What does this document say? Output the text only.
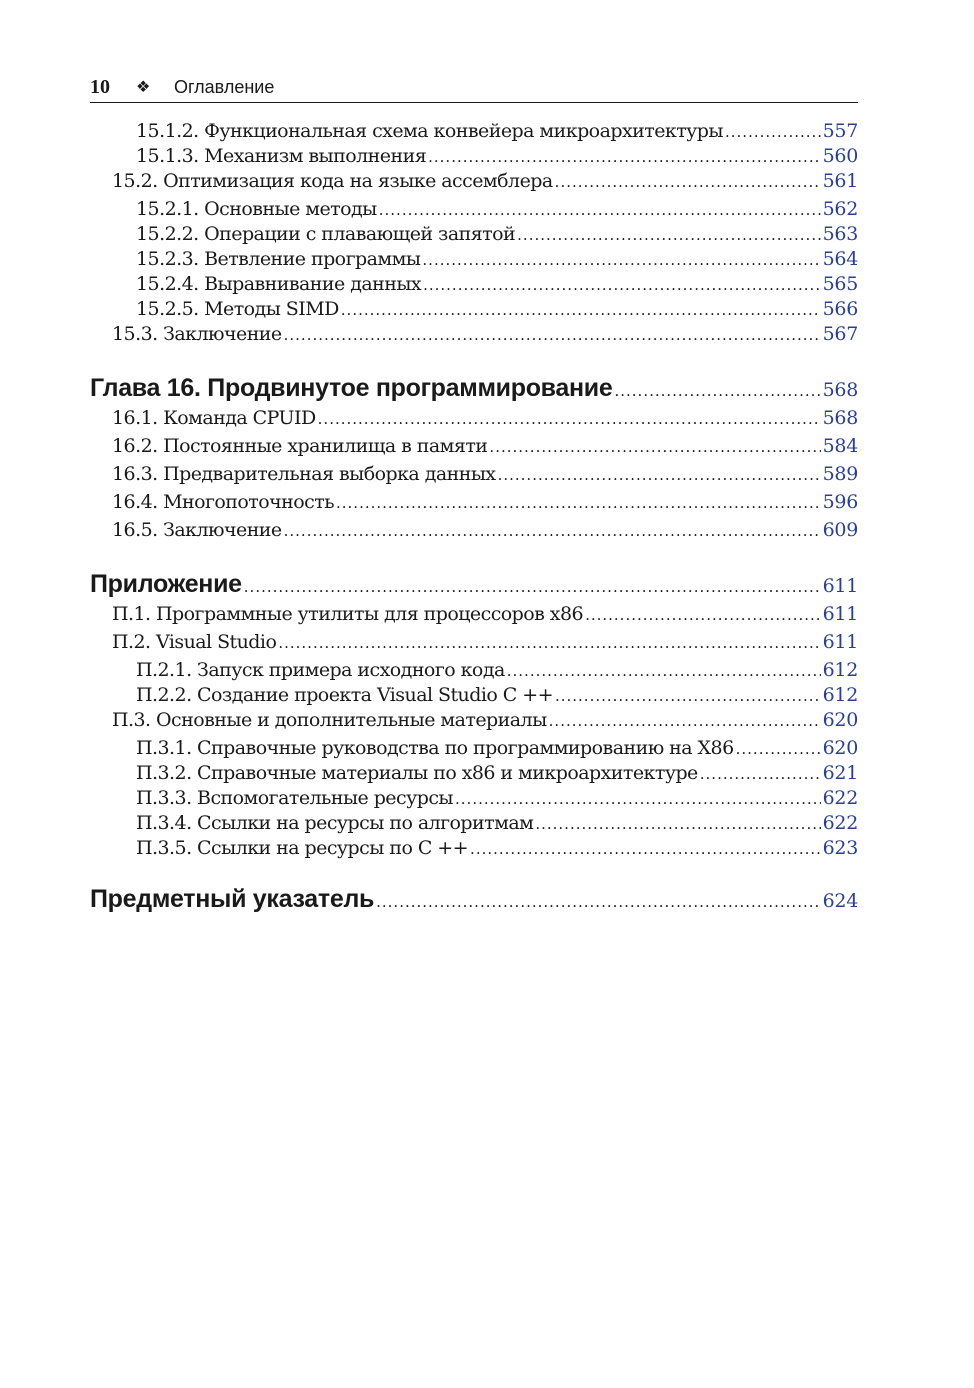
10 ❖ Оглавление
15.1.2. Функциональная схема конвейера микроархитектуры .....	557
15.1.3. Механизм выполнения .....	560
15.2. Оптимизация кода на языке ассемблера .....	561
15.2.1. Основные методы .....	562
15.2.2. Операции с плавающей запятой .....	563
15.2.3. Ветвление программы .....	564
15.2.4. Выравнивание данных .....	565
15.2.5. Методы SIMD .....	566
15.3. Заключение .....	567
Глава 16. Продвинутое программирование .....	568
16.1. Команда CPUID .....	568
16.2. Постоянные хранилища в памяти .....	584
16.3. Предварительная выборка данных .....	589
16.4. Многопоточность .....	596
16.5. Заключение .....	609
Приложение .....	611
П.1. Программные утилиты для процессоров x86 .....	611
П.2. Visual Studio .....	611
П.2.1. Запуск примера исходного кода .....	612
П.2.2. Создание проекта Visual Studio C ++ .....	612
П.3. Основные и дополнительные материалы .....	620
П.3.1. Справочные руководства по программированию на X86 .....	620
П.3.2. Справочные материалы по x86 и микроархитектуре .....	621
П.3.3. Вспомогательные ресурсы .....	622
П.3.4. Ссылки на ресурсы по алгоритмам .....	622
П.3.5. Ссылки на ресурсы по C ++ .....	623
Предметный указатель .....	624
